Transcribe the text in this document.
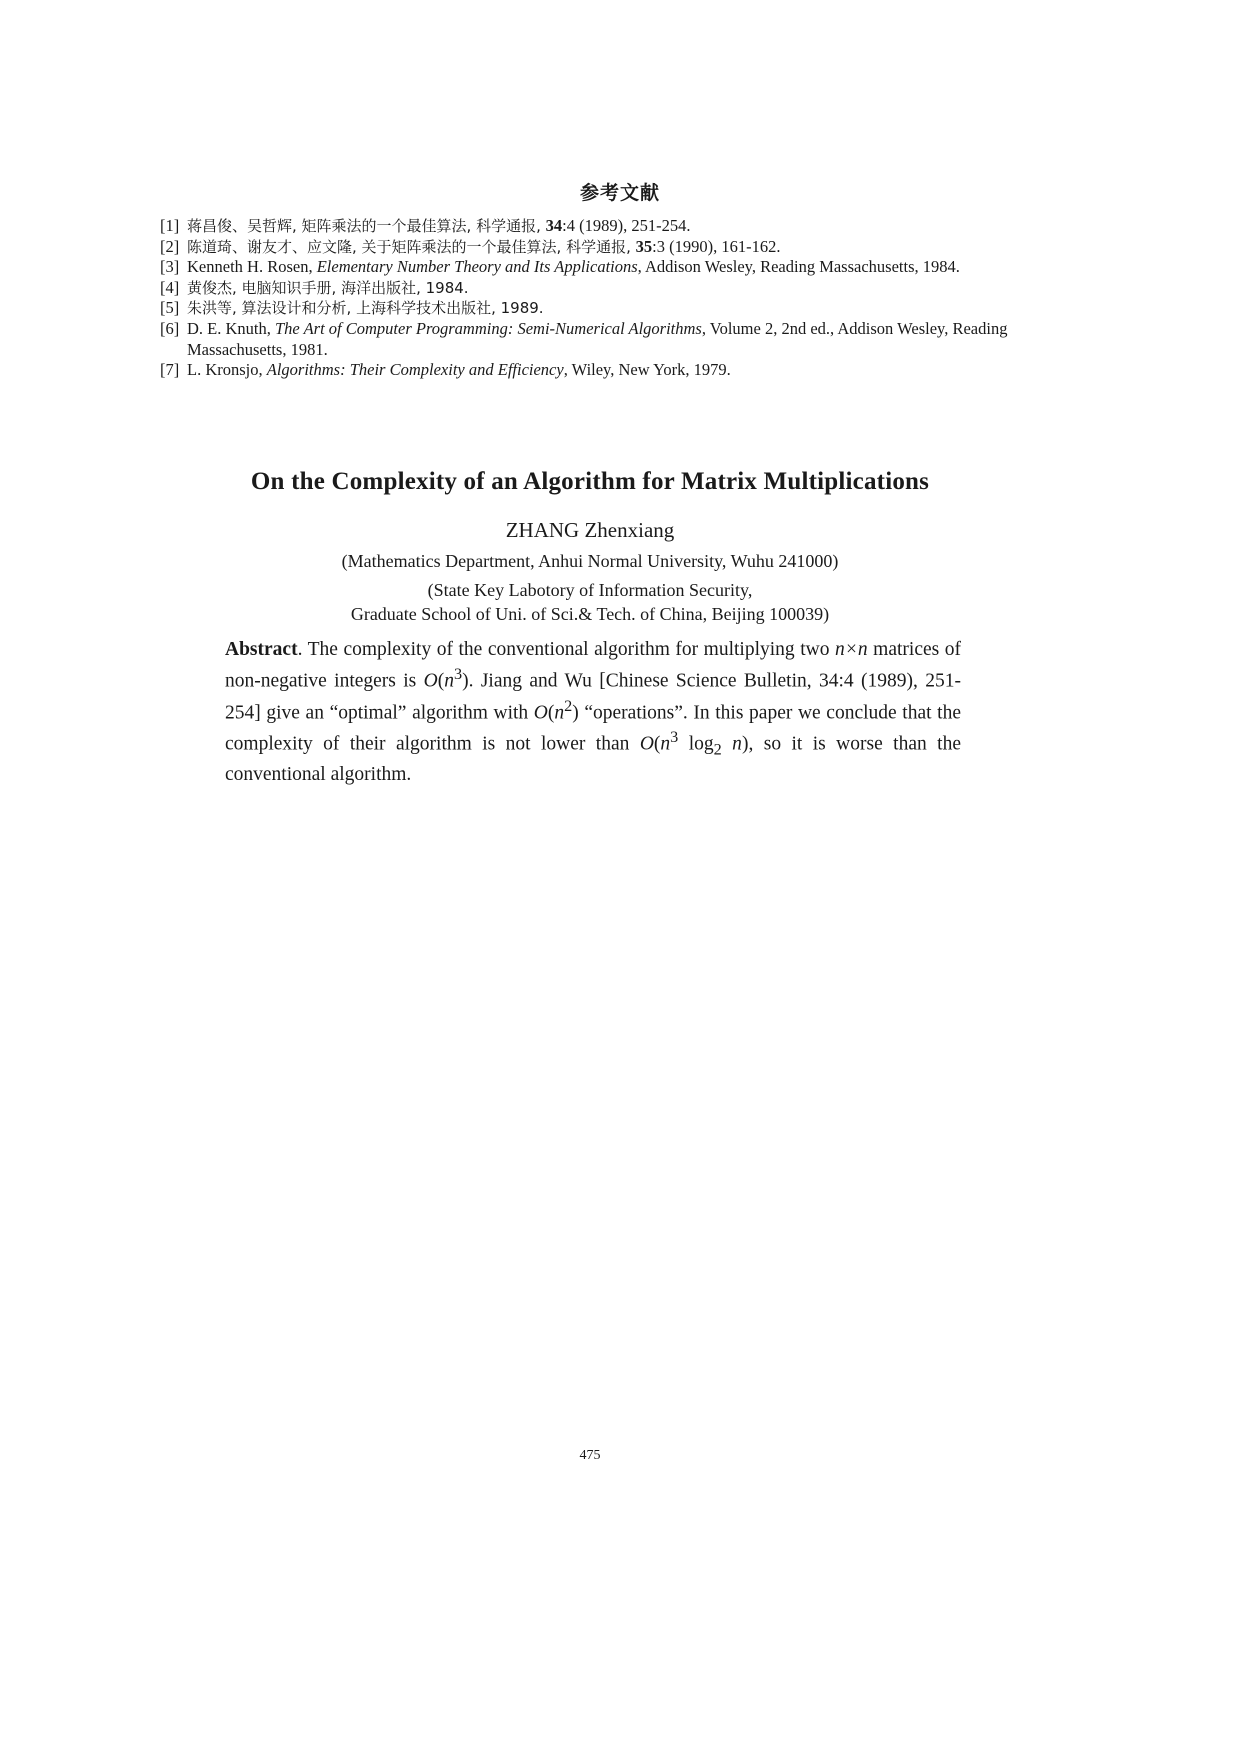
参考文献
[1] 蒋昌俊、吴哲辉, 矩阵乘法的一个最佳算法, 科学通报, 34:4 (1989), 251-254.
[2] 陈道琦、谢友才、应文隆, 关于矩阵乘法的一个最佳算法, 科学通报, 35:3 (1990), 161-162.
[3] Kenneth H. Rosen, Elementary Number Theory and Its Applications, Addison Wesley, Reading Massachusetts, 1984.
[4] 黄俊杰, 电脑知识手册, 海洋出版社, 1984.
[5] 朱洪等, 算法设计和分析, 上海科学技术出版社, 1989.
[6] D. E. Knuth, The Art of Computer Programming: Semi-Numerical Algorithms, Volume 2, 2nd ed., Addison Wesley, Reading Massachusetts, 1981.
[7] L. Kronsjo, Algorithms: Their Complexity and Efficiency, Wiley, New York, 1979.
On the Complexity of an Algorithm for Matrix Multiplications
ZHANG Zhenxiang
(Mathematics Department, Anhui Normal University, Wuhu 241000)
(State Key Labotory of Information Security,
Graduate School of Uni. of Sci.& Tech. of China, Beijing 100039)
Abstract. The complexity of the conventional algorithm for multiplying two n×n matrices of non-negative integers is $O(n^3)$. Jiang and Wu [Chinese Science Bulletin, 34:4 (1989), 251-254] give an “optimal” algorithm with $O(n^2)$ “operations”. In this paper we conclude that the complexity of their algorithm is not lower than $O(n^3$ $\log_2 n$), so it is worse than the conventional algorithm.
475
